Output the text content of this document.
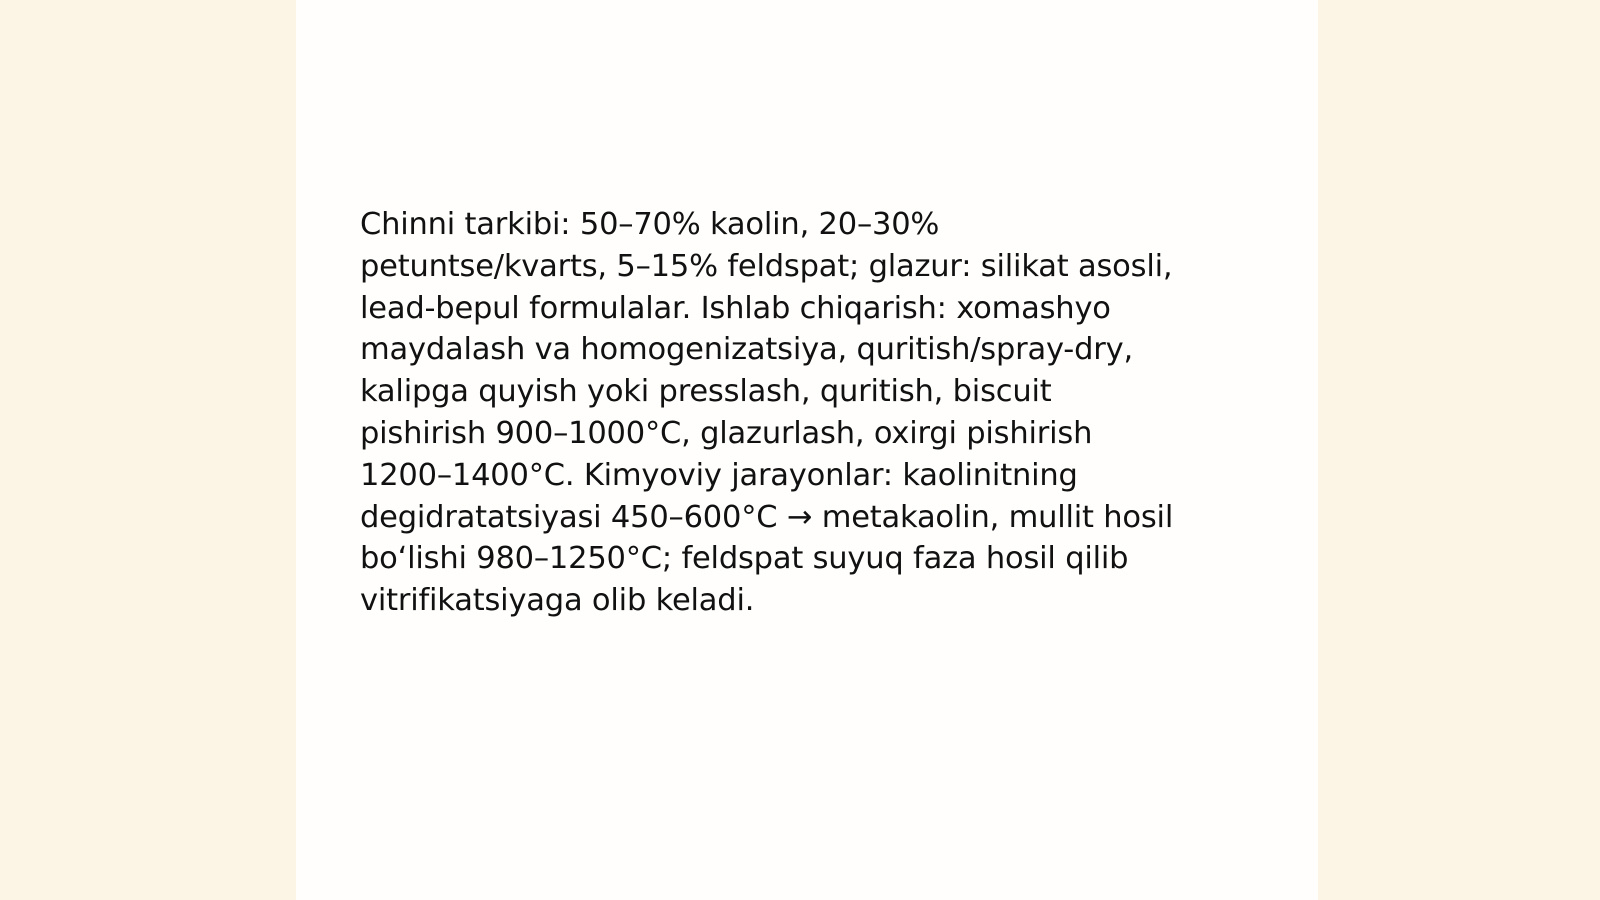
Chinni tarkibi: 50–70% kaolin, 20–30%
petuntse/kvarts, 5–15% feldspat; glazur: silikat asosli,
lead-bepul formulalar. Ishlab chiqarish: xomashyo
maydalash va homogenizatsiya, quritish/spray-dry,
kalipga quyish yoki presslash, quritish, biscuit
pishirish 900–1000°C, glazurlash, oxirgi pishirish
1200–1400°C. Kimyoviy jarayonlar: kaolinitning
degidratatsiyasi 450–600°C → metakaolin, mullit hosil
bo‘lishi 980–1250°C; feldspat suyuq faza hosil qilib
vitrifikatsiyaga olib keladi.
